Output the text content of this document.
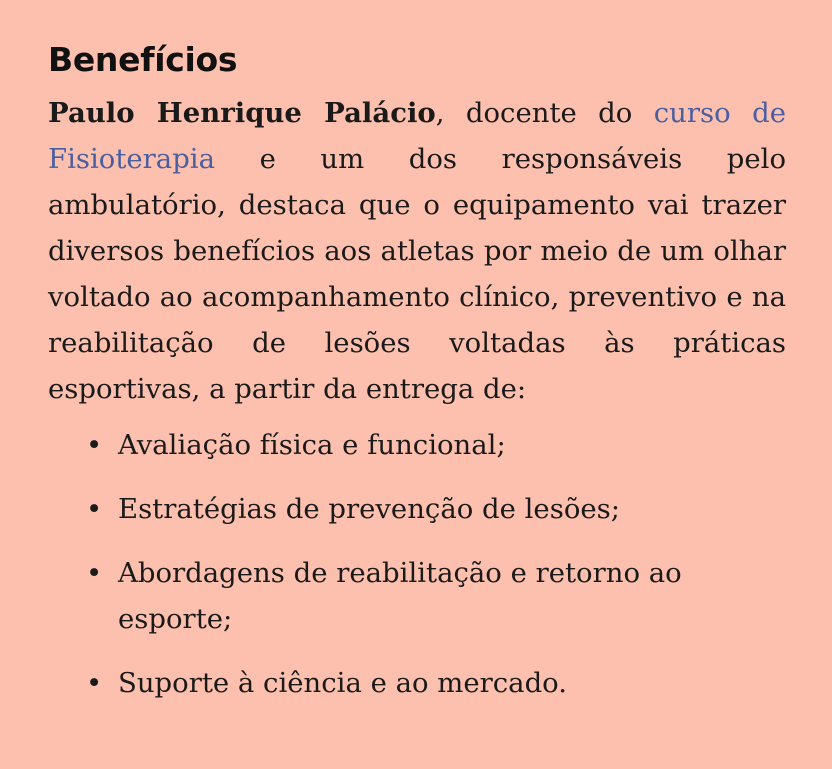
Benefícios

Paulo Henrique Palácio, docente do curso de Fisioterapia e um dos responsáveis pelo ambulatório, destaca que o equipamento vai trazer diversos benefícios aos atletas por meio de um olhar voltado ao acompanhamento clínico, preventivo e na reabilitação de lesões voltadas às práticas esportivas, a partir da entrega de:

• Avaliação física e funcional;
• Estratégias de prevenção de lesões;
• Abordagens de reabilitação e retorno ao esporte;
• Suporte à ciência e ao mercado.
